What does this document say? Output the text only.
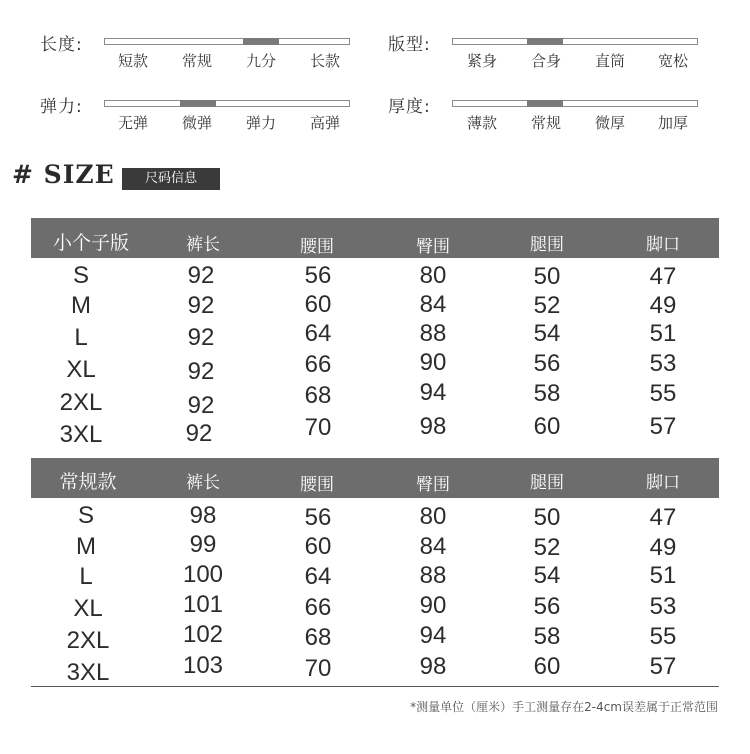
长度:
短款	常规	九分	长款
版型:
紧身	合身	直筒	宽松
弹力:
无弹	微弹	弹力	高弹
厚度:
薄款	常规	微厚	加厚
# SIZE	尺码信息
小个子版	裤长	腰围	臀围	腿围	脚口
S	92	56	80	50	47
M	92	60	84	52	49
L	92	64	88	54	51
XL	92	66	90	56	53
2XL	92	68	94	58	55
3XL	92	70	98	60	57
常规款	裤长	腰围	臀围	腿围	脚口
S	98	56	80	50	47
M	99	60	84	52	49
L	100	64	88	54	51
XL	101	66	90	56	53
2XL	102	68	94	58	55
3XL	103	70	98	60	57
*测量单位（厘米）手工测量存在2-4cm误差属于正常范围
